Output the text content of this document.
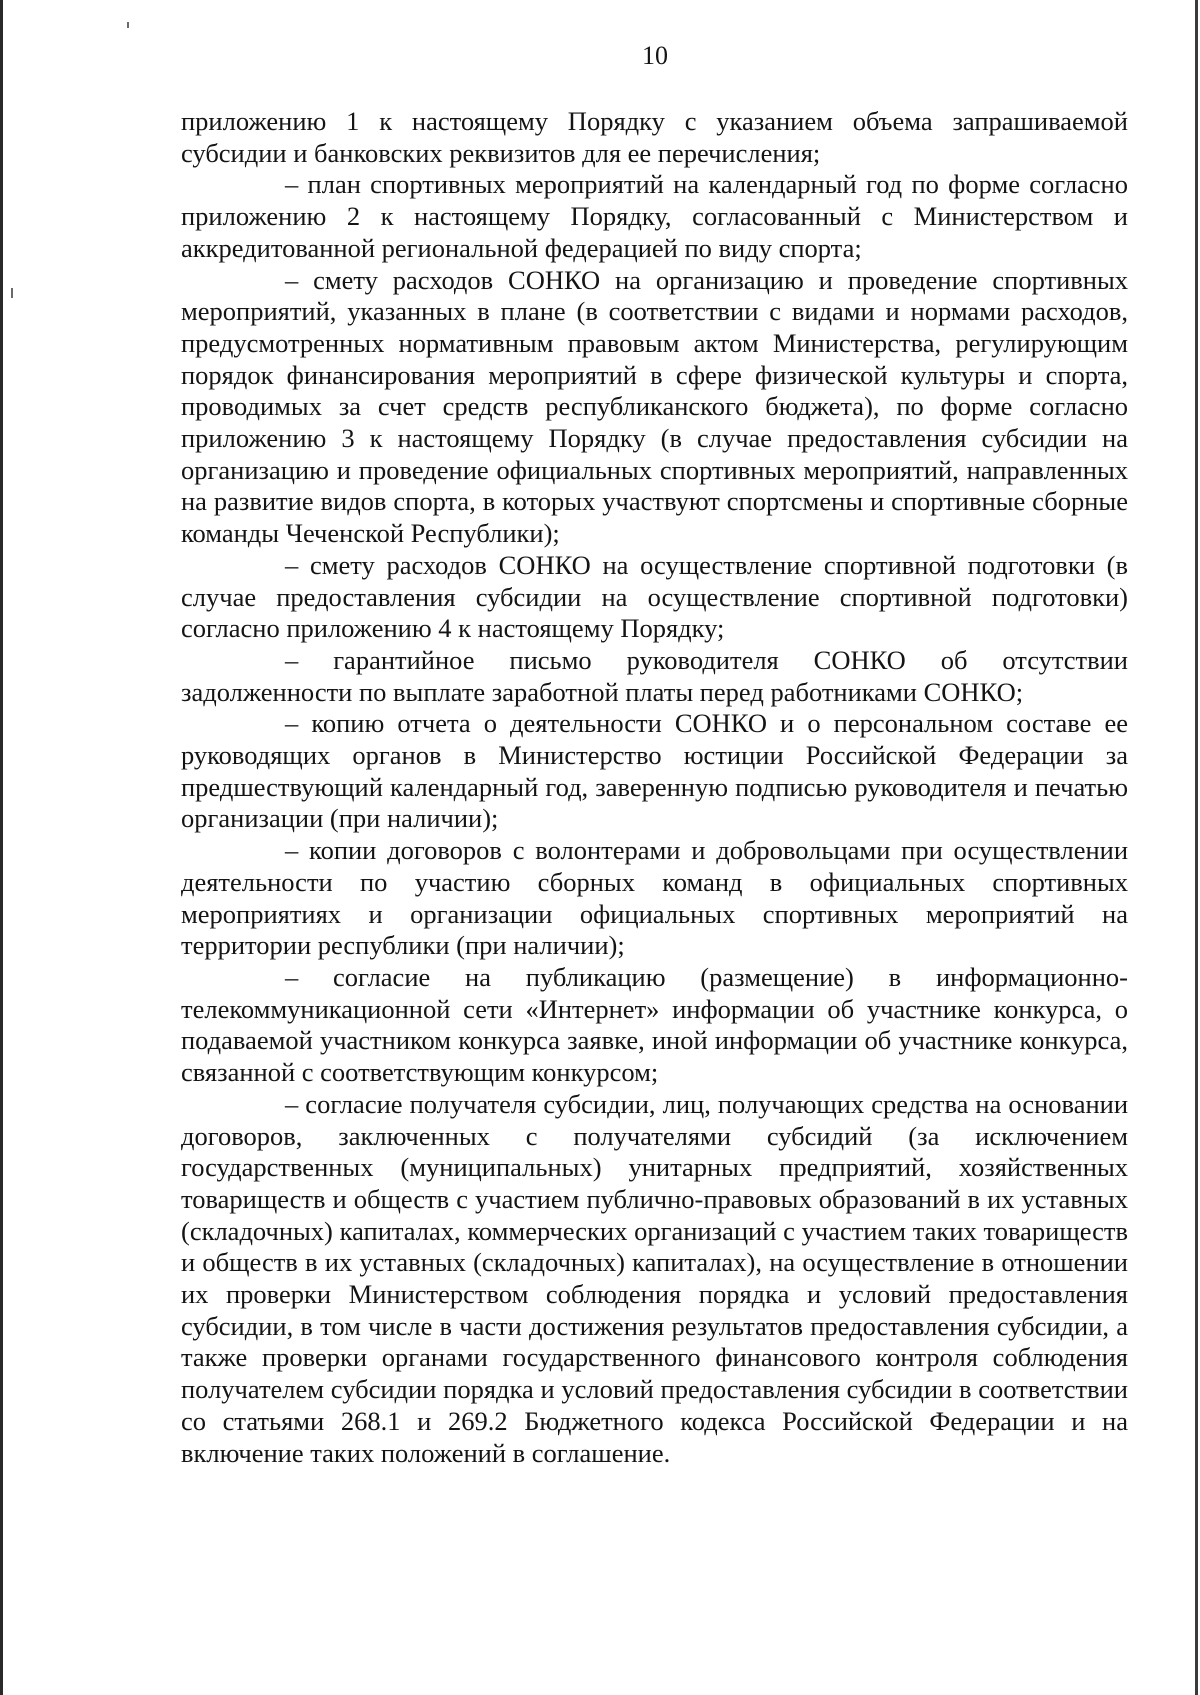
10

приложению 1 к настоящему Порядку с указанием объема запрашиваемой субсидии и банковских реквизитов для ее перечисления;

– план спортивных мероприятий на календарный год по форме согласно приложению 2 к настоящему Порядку, согласованный с Министерством и аккредитованной региональной федерацией по виду спорта;

– смету расходов СОНКО на организацию и проведение спортивных мероприятий, указанных в плане (в соответствии с видами и нормами расходов, предусмотренных нормативным правовым актом Министерства, регулирующим порядок финансирования мероприятий в сфере физической культуры и спорта, проводимых за счет средств республиканского бюджета), по форме согласно приложению 3 к настоящему Порядку (в случае предоставления субсидии на организацию и проведение официальных спортивных мероприятий, направленных на развитие видов спорта, в которых участвуют спортсмены и спортивные сборные команды Чеченской Республики);

– смету расходов СОНКО на осуществление спортивной подготовки (в случае предоставления субсидии на осуществление спортивной подготовки) согласно приложению 4 к настоящему Порядку;

– гарантийное письмо руководителя СОНКО об отсутствии задолженности по выплате заработной платы перед работниками СОНКО;

– копию отчета о деятельности СОНКО и о персональном составе ее руководящих органов в Министерство юстиции Российской Федерации за предшествующий календарный год, заверенную подписью руководителя и печатью организации (при наличии);

– копии договоров с волонтерами и добровольцами при осуществлении деятельности по участию сборных команд в официальных спортивных мероприятиях и организации официальных спортивных мероприятий на территории республики (при наличии);

– согласие на публикацию (размещение) в информационно-телекоммуникационной сети «Интернет» информации об участнике конкурса, о подаваемой участником конкурса заявке, иной информации об участнике конкурса, связанной с соответствующим конкурсом;

– согласие получателя субсидии, лиц, получающих средства на основании договоров, заключенных с получателями субсидий (за исключением государственных (муниципальных) унитарных предприятий, хозяйственных товариществ и обществ с участием публично-правовых образований в их уставных (складочных) капиталах, коммерческих организаций с участием таких товариществ и обществ в их уставных (складочных) капиталах), на осуществление в отношении их проверки Министерством соблюдения порядка и условий предоставления субсидии, в том числе в части достижения результатов предоставления субсидии, а также проверки органами государственного финансового контроля соблюдения получателем субсидии порядка и условий предоставления субсидии в соответствии со статьями 268.1 и 269.2 Бюджетного кодекса Российской Федерации и на включение таких положений в соглашение.
